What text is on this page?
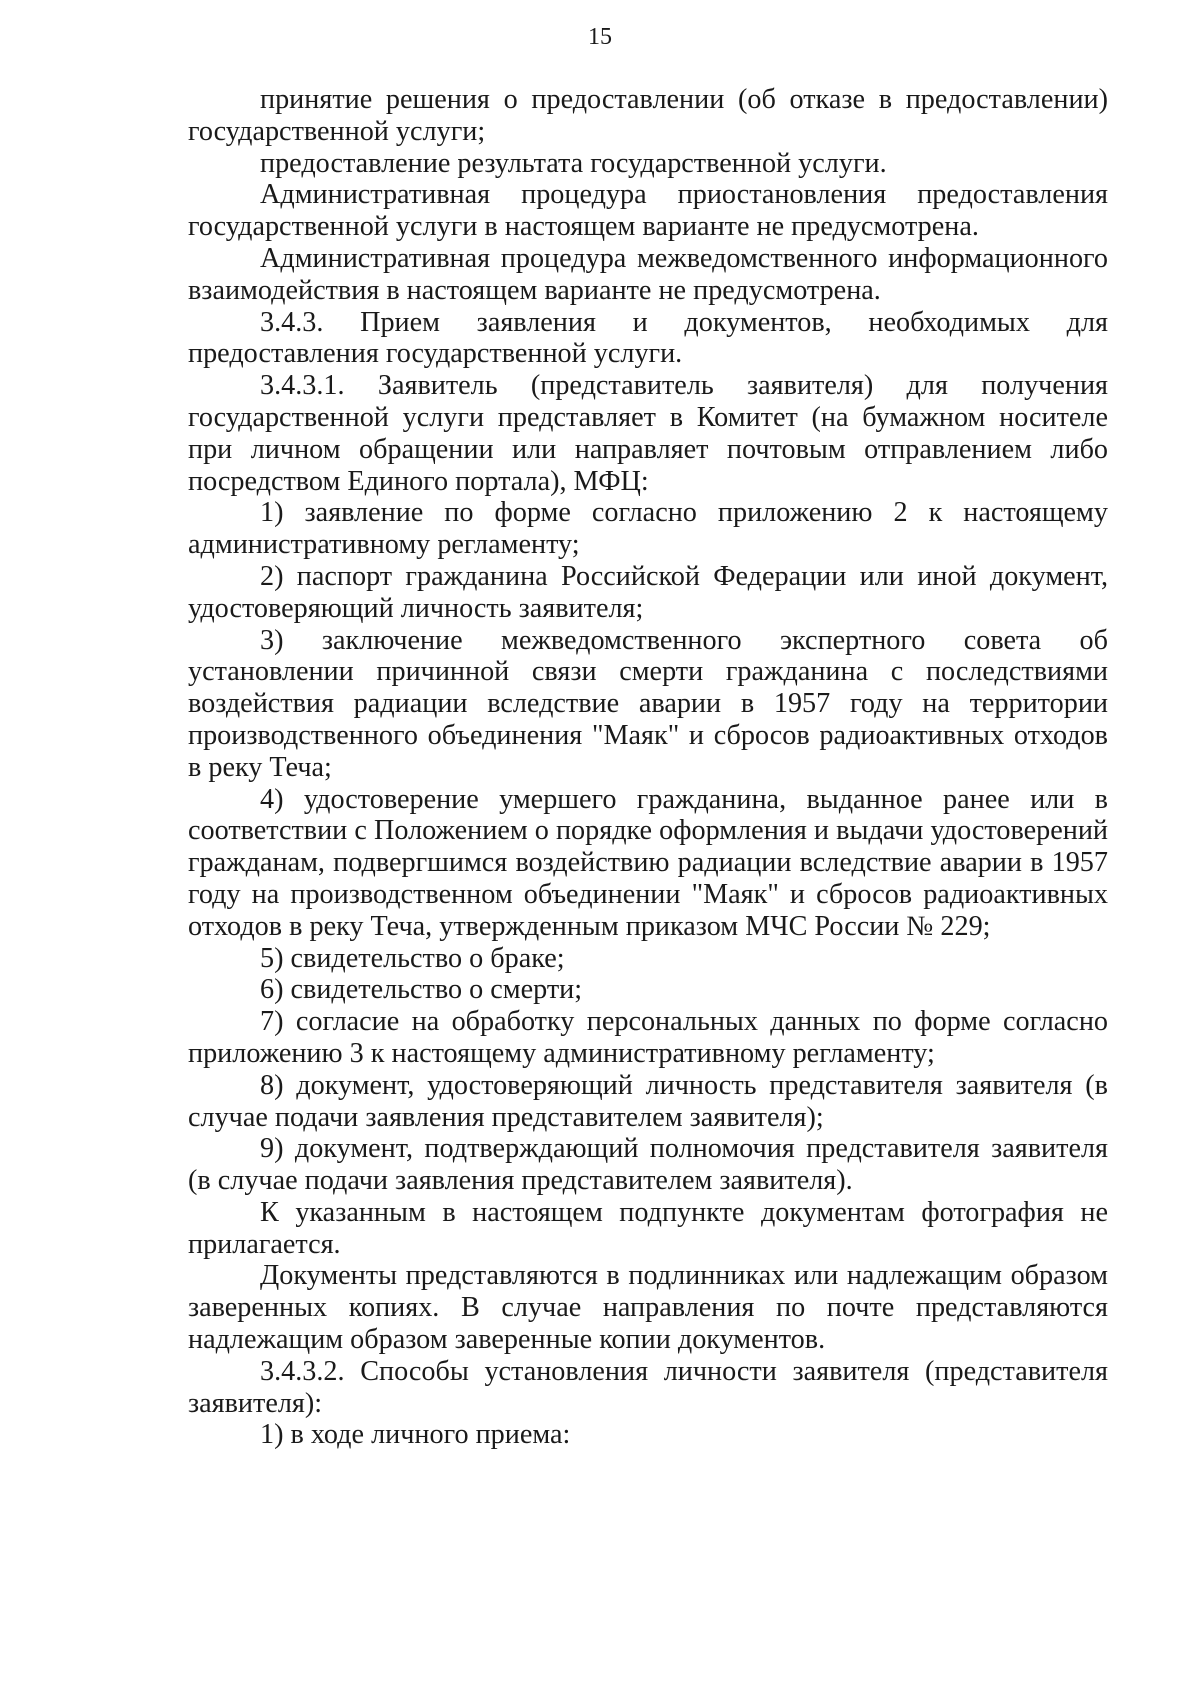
15

принятие решения о предоставлении (об отказе в предоставлении) государственной услуги;

предоставление результата государственной услуги.

Административная процедура приостановления предоставления государственной услуги в настоящем варианте не предусмотрена.

Административная процедура межведомственного информационного взаимодействия в настоящем варианте не предусмотрена.

3.4.3. Прием заявления и документов, необходимых для предоставления государственной услуги.

3.4.3.1. Заявитель (представитель заявителя) для получения государственной услуги представляет в Комитет (на бумажном носителе при личном обращении или направляет почтовым отправлением либо посредством Единого портала), МФЦ:

1) заявление по форме согласно приложению 2 к настоящему административному регламенту;

2) паспорт гражданина Российской Федерации или иной документ, удостоверяющий личность заявителя;

3) заключение межведомственного экспертного совета об установлении причинной связи смерти гражданина с последствиями воздействия радиации вследствие аварии в 1957 году на территории производственного объединения "Маяк" и сбросов радиоактивных отходов в реку Теча;

4) удостоверение умершего гражданина, выданное ранее или в соответствии с Положением о порядке оформления и выдачи удостоверений гражданам, подвергшимся воздействию радиации вследствие аварии в 1957 году на производственном объединении "Маяк" и сбросов радиоактивных отходов в реку Теча, утвержденным приказом МЧС России № 229;

5) свидетельство о браке;

6) свидетельство о смерти;

7) согласие на обработку персональных данных по форме согласно приложению 3 к настоящему административному регламенту;

8) документ, удостоверяющий личность представителя заявителя (в случае подачи заявления представителем заявителя);

9) документ, подтверждающий полномочия представителя заявителя (в случае подачи заявления представителем заявителя).

К указанным в настоящем подпункте документам фотография не прилагается.

Документы представляются в подлинниках или надлежащим образом заверенных копиях. В случае направления по почте представляются надлежащим образом заверенные копии документов.

3.4.3.2. Способы установления личности заявителя (представителя заявителя):

1) в ходе личного приема:
